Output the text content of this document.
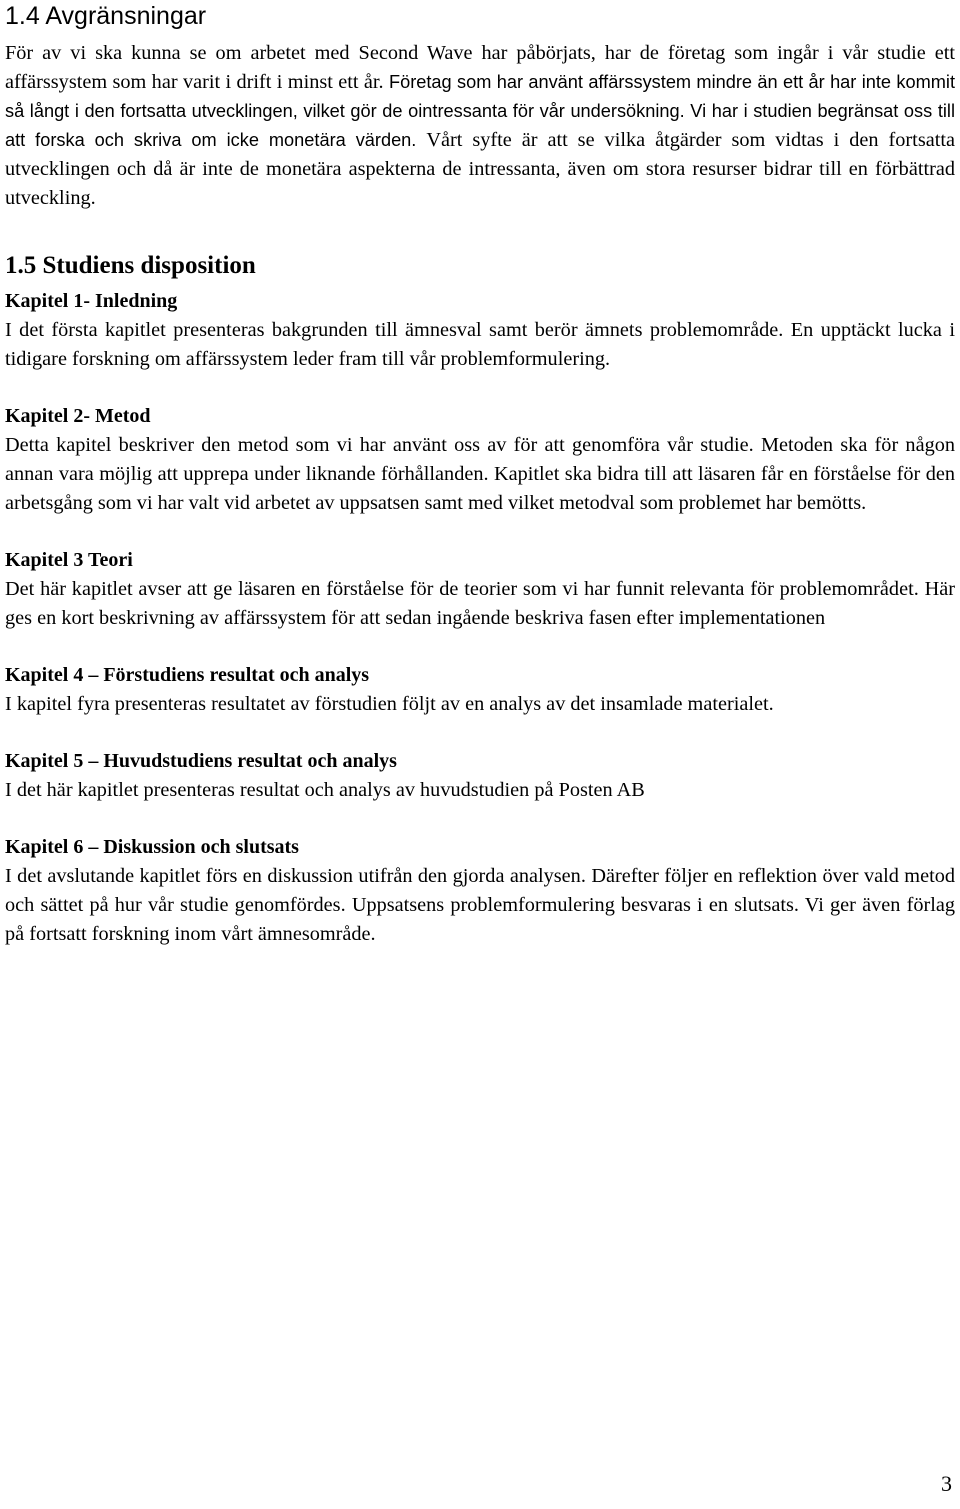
1.4 Avgränsningar

För av vi ska kunna se om arbetet med Second Wave har påbörjats, har de företag som ingår i vår studie ett affärssystem som har varit i drift i minst ett år. Företag som har använt affärssystem mindre än ett år har inte kommit så långt i den fortsatta utvecklingen, vilket gör de ointressanta för vår undersökning. Vi har i studien begränsat oss till att forska och skriva om icke monetära värden. Vårt syfte är att se vilka åtgärder som vidtas i den fortsatta utvecklingen och då är inte de monetära aspekterna de intressanta, även om stora resurser bidrar till en förbättrad utveckling.

1.5 Studiens disposition
Kapitel 1- Inledning

I det första kapitlet presenteras bakgrunden till ämnesval samt berör ämnets problemområde. En upptäckt lucka i tidigare forskning om affärssystem leder fram till vår problemformulering.

Kapitel 2- Metod

Detta kapitel beskriver den metod som vi har använt oss av för att genomföra vår studie. Metoden ska för någon annan vara möjlig att upprepa under liknande förhållanden. Kapitlet ska bidra till att läsaren får en förståelse för den arbetsgång som vi har valt vid arbetet av uppsatsen samt med vilket metodval som problemet har bemötts.

Kapitel 3 Teori

Det här kapitlet avser att ge läsaren en förståelse för de teorier som vi har funnit relevanta för problemområdet. Här ges en kort beskrivning av affärssystem för att sedan ingående beskriva fasen efter implementationen

Kapitel 4 – Förstudiens resultat och analys

I kapitel fyra presenteras resultatet av förstudien följt av en analys av det insamlade materialet.

Kapitel 5 – Huvudstudiens resultat och analys

I det här kapitlet presenteras resultat och analys av huvudstudien på Posten AB

Kapitel 6 – Diskussion och slutsats

I det avslutande kapitlet förs en diskussion utifrån den gjorda analysen. Därefter följer en reflektion över vald metod och sättet på hur vår studie genomfördes. Uppsatsens problemformulering besvaras i en slutsats. Vi ger även förlag på fortsatt forskning inom vårt ämnesområde.

3
